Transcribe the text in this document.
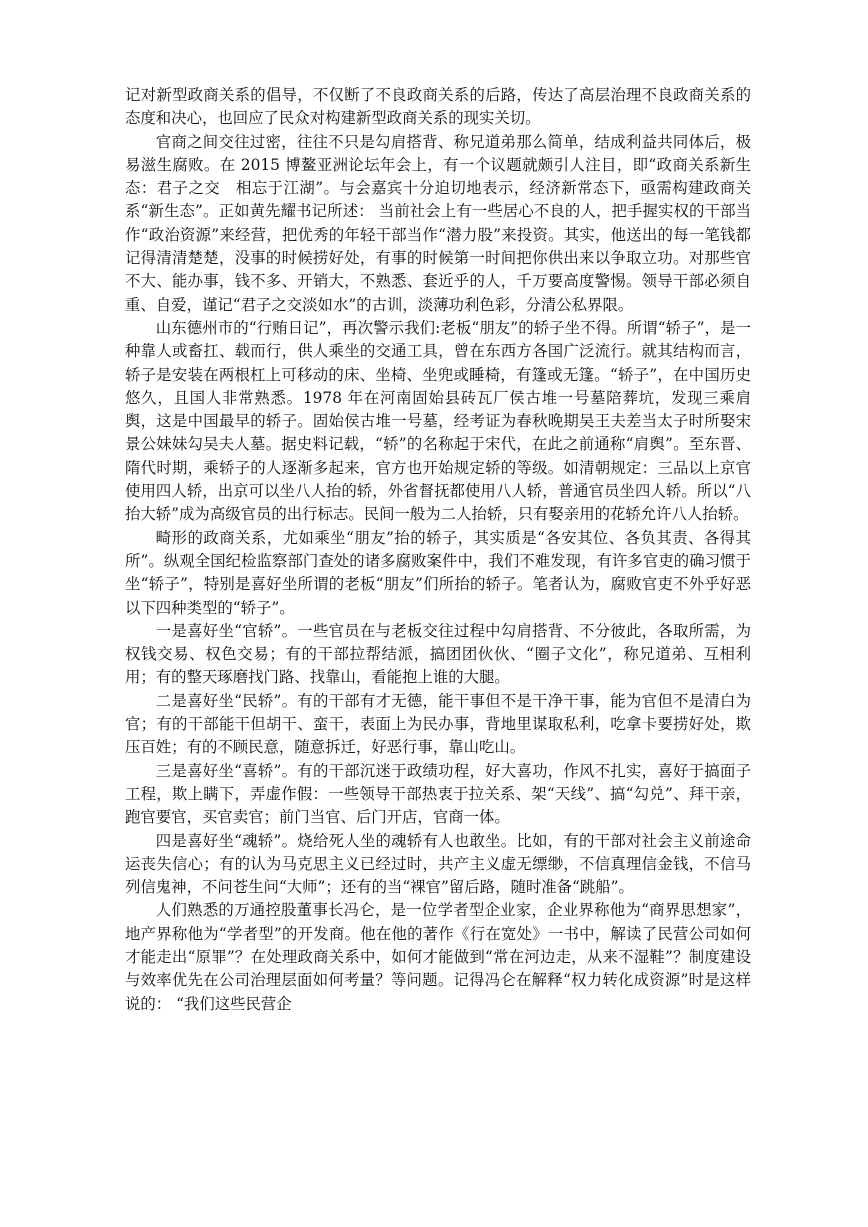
记对新型政商关系的倡导，不仅断了不良政商关系的后路，传达了高层治理不良政商关系的态度和决心，也回应了民众对构建新型政商关系的现实关切。

官商之间交往过密，往往不只是勾肩搭背、称兄道弟那么简单，结成利益共同体后，极易滋生腐败。在 2015 博鳌亚洲论坛年会上，有一个议题就颇引人注目，即“政商关系新生态：君子之交　相忘于江湖”。与会嘉宾十分迫切地表示，经济新常态下，亟需构建政商关系“新生态”。正如黄先耀书记所述： 当前社会上有一些居心不良的人，把手握实权的干部当作“政治资源”来经营，把优秀的年轻干部当作“潜力股”来投资。其实，他送出的每一笔钱都记得清清楚楚，没事的时候捞好处，有事的时候第一时间把你供出来以争取立功。对那些官不大、能办事，钱不多、开销大，不熟悉、套近乎的人，千万要高度警惕。领导干部必须自重、自爱，谨记“君子之交淡如水”的古训，淡薄功利色彩，分清公私界限。

山东德州市的“行贿日记”，再次警示我们:老板“朋友”的轿子坐不得。所谓“轿子”，是一种靠人或畜扛、载而行，供人乘坐的交通工具，曾在东西方各国广泛流行。就其结构而言，轿子是安装在两根杠上可移动的床、坐椅、坐兜或睡椅，有篷或无篷。“轿子”，在中国历史悠久，且国人非常熟悉。1978 年在河南固始县砖瓦厂侯古堆一号墓陪葬坑，发现三乘肩舆，这是中国最早的轿子。固始侯古堆一号墓，经考证为春秋晚期吴王夫差当太子时所娶宋景公妹妹勾吴夫人墓。据史料记载，“轿”的名称起于宋代，在此之前通称“肩舆”。至东晋、隋代时期，乘轿子的人逐渐多起来，官方也开始规定轿的等级。如清朝规定：三品以上京官使用四人轿，出京可以坐八人抬的轿，外省督抚都使用八人轿，普通官员坐四人轿。所以“八抬大轿”成为高级官员的出行标志。民间一般为二人抬轿，只有娶亲用的花轿允许八人抬轿。

畸形的政商关系，尤如乘坐“朋友”抬的轿子，其实质是“各安其位、各负其责、各得其所”。纵观全国纪检监察部门查处的诸多腐败案件中，我们不难发现，有许多官吏的确习惯于坐“轿子”，特别是喜好坐所谓的老板“朋友”们所抬的轿子。笔者认为，腐败官吏不外乎好恶以下四种类型的“轿子”。

一是喜好坐“官轿”。一些官员在与老板交往过程中勾肩搭背、不分彼此，各取所需，为权钱交易、权色交易；有的干部拉帮结派，搞团团伙伙、“圈子文化”，称兄道弟、互相利用；有的整天琢磨找门路、找靠山，看能抱上谁的大腿。

二是喜好坐“民轿”。有的干部有才无德，能干事但不是干净干事，能为官但不是清白为官；有的干部能干但胡干、蛮干，表面上为民办事，背地里谋取私利，吃拿卡要捞好处，欺压百姓；有的不顾民意，随意拆迁，好恶行事，靠山吃山。

三是喜好坐“喜轿”。有的干部沉迷于政绩功程，好大喜功，作风不扎实，喜好于搞面子工程，欺上瞒下，弄虚作假：一些领导干部热衷于拉关系、架“天线”、搞“勾兑”、拜干亲，跑官要官，买官卖官；前门当官、后门开店，官商一体。

四是喜好坐“魂轿”。烧给死人坐的魂轿有人也敢坐。比如，有的干部对社会主义前途命运丧失信心；有的认为马克思主义已经过时，共产主义虚无缥缈，不信真理信金钱，不信马列信鬼神，不问苍生问“大师”；还有的当“裸官”留后路，随时准备“跳船”。

人们熟悉的万通控股董事长冯仑，是一位学者型企业家，企业界称他为“商界思想家”，地产界称他为“学者型”的开发商。他在他的著作《行在宽处》一书中，解读了民营公司如何才能走出“原罪”？在处理政商关系中，如何才能做到“常在河边走，从来不湿鞋”？制度建设与效率优先在公司治理层面如何考量？等问题。记得冯仑在解释“权力转化成资源”时是这样说的： “我们这些民营企
